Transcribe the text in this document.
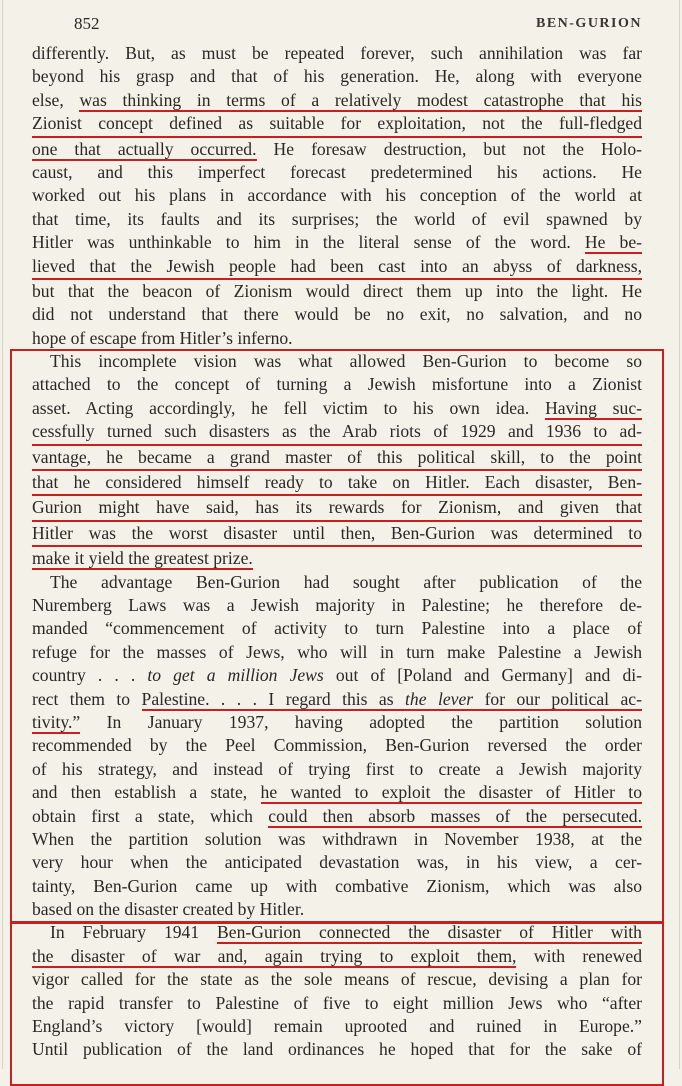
852	BEN-GURION
differently. But, as must be repeated forever, such annihilation was far
beyond his grasp and that of his generation. He, along with everyone
else, was thinking in terms of a relatively modest catastrophe that his
Zionist concept defined as suitable for exploitation, not the full-fledged
one that actually occurred. He foresaw destruction, but not the Holo-
caust, and this imperfect forecast predetermined his actions. He
worked out his plans in accordance with his conception of the world at
that time, its faults and its surprises; the world of evil spawned by
Hitler was unthinkable to him in the literal sense of the word. He be-
lieved that the Jewish people had been cast into an abyss of darkness,
but that the beacon of Zionism would direct them up into the light. He
did not understand that there would be no exit, no salvation, and no
hope of escape from Hitler’s inferno.
This incomplete vision was what allowed Ben-Gurion to become so
attached to the concept of turning a Jewish misfortune into a Zionist
asset. Acting accordingly, he fell victim to his own idea. Having suc-
cessfully turned such disasters as the Arab riots of 1929 and 1936 to ad-
vantage, he became a grand master of this political skill, to the point
that he considered himself ready to take on Hitler. Each disaster, Ben-
Gurion might have said, has its rewards for Zionism, and given that
Hitler was the worst disaster until then, Ben-Gurion was determined to
make it yield the greatest prize.
The advantage Ben-Gurion had sought after publication of the
Nuremberg Laws was a Jewish majority in Palestine; he therefore de-
manded “commencement of activity to turn Palestine into a place of
refuge for the masses of Jews, who will in turn make Palestine a Jewish
country . . . to get a million Jews out of [Poland and Germany] and di-
rect them to Palestine. . . . I regard this as the lever for our political ac-
tivity.” In January 1937, having adopted the partition solution
recommended by the Peel Commission, Ben-Gurion reversed the order
of his strategy, and instead of trying first to create a Jewish majority
and then establish a state, he wanted to exploit the disaster of Hitler to
obtain first a state, which could then absorb masses of the persecuted.
When the partition solution was withdrawn in November 1938, at the
very hour when the anticipated devastation was, in his view, a cer-
tainty, Ben-Gurion came up with combative Zionism, which was also
based on the disaster created by Hitler.
In February 1941 Ben-Gurion connected the disaster of Hitler with
the disaster of war and, again trying to exploit them, with renewed
vigor called for the state as the sole means of rescue, devising a plan for
the rapid transfer to Palestine of five to eight million Jews who “after
England’s victory [would] remain uprooted and ruined in Europe.”
Until publication of the land ordinances he hoped that for the sake of
